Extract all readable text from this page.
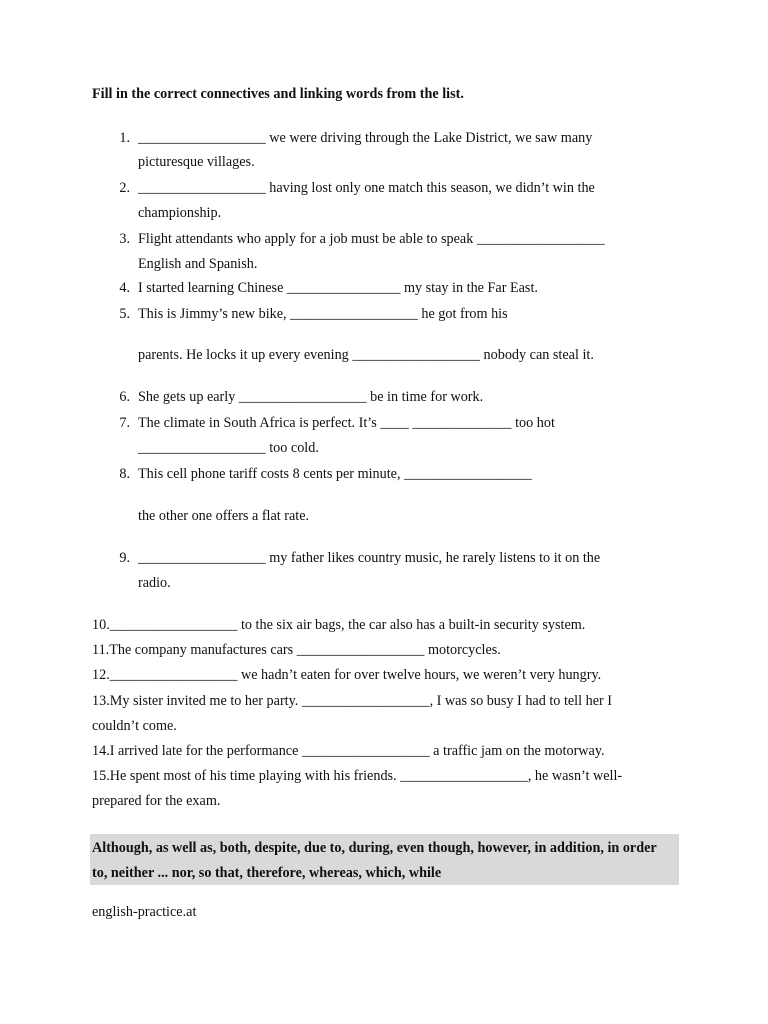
Fill in the correct connectives and linking words from the list.
1. __________________ we were driving through the Lake District, we saw many
picturesque villages.
2. __________________ having lost only one match this season, we didn’t win the
championship.
3. Flight attendants who apply for a job must be able to speak __________________
English and Spanish.
4. I started learning Chinese ________________ my stay in the Far East.
5. This is Jimmy’s new bike, __________________ he got from his
parents. He locks it up every evening __________________ nobody can steal it.
6. She gets up early __________________ be in time for work.
7. The climate in South Africa is perfect. It’s ____ ______________ too hot
__________________ too cold.
8. This cell phone tariff costs 8 cents per minute, __________________
the other one offers a flat rate.
9. __________________ my father likes country music, he rarely listens to it on the
radio.
10.__________________ to the six air bags, the car also has a built-in security system.
11.The company manufactures cars __________________ motorcycles.
12.__________________ we hadn’t eaten for over twelve hours, we weren’t very hungry.
13.My sister invited me to her party. __________________, I was so busy I had to tell her I
couldn’t come.
14.I arrived late for the performance __________________ a traffic jam on the motorway.
15.He spent most of his time playing with his friends. __________________, he wasn’t well-
prepared for the exam.
Although, as well as, both, despite, due to, during, even though, however, in addition, in order to, neither ... nor, so that, therefore, whereas, which, while
english-practice.at
